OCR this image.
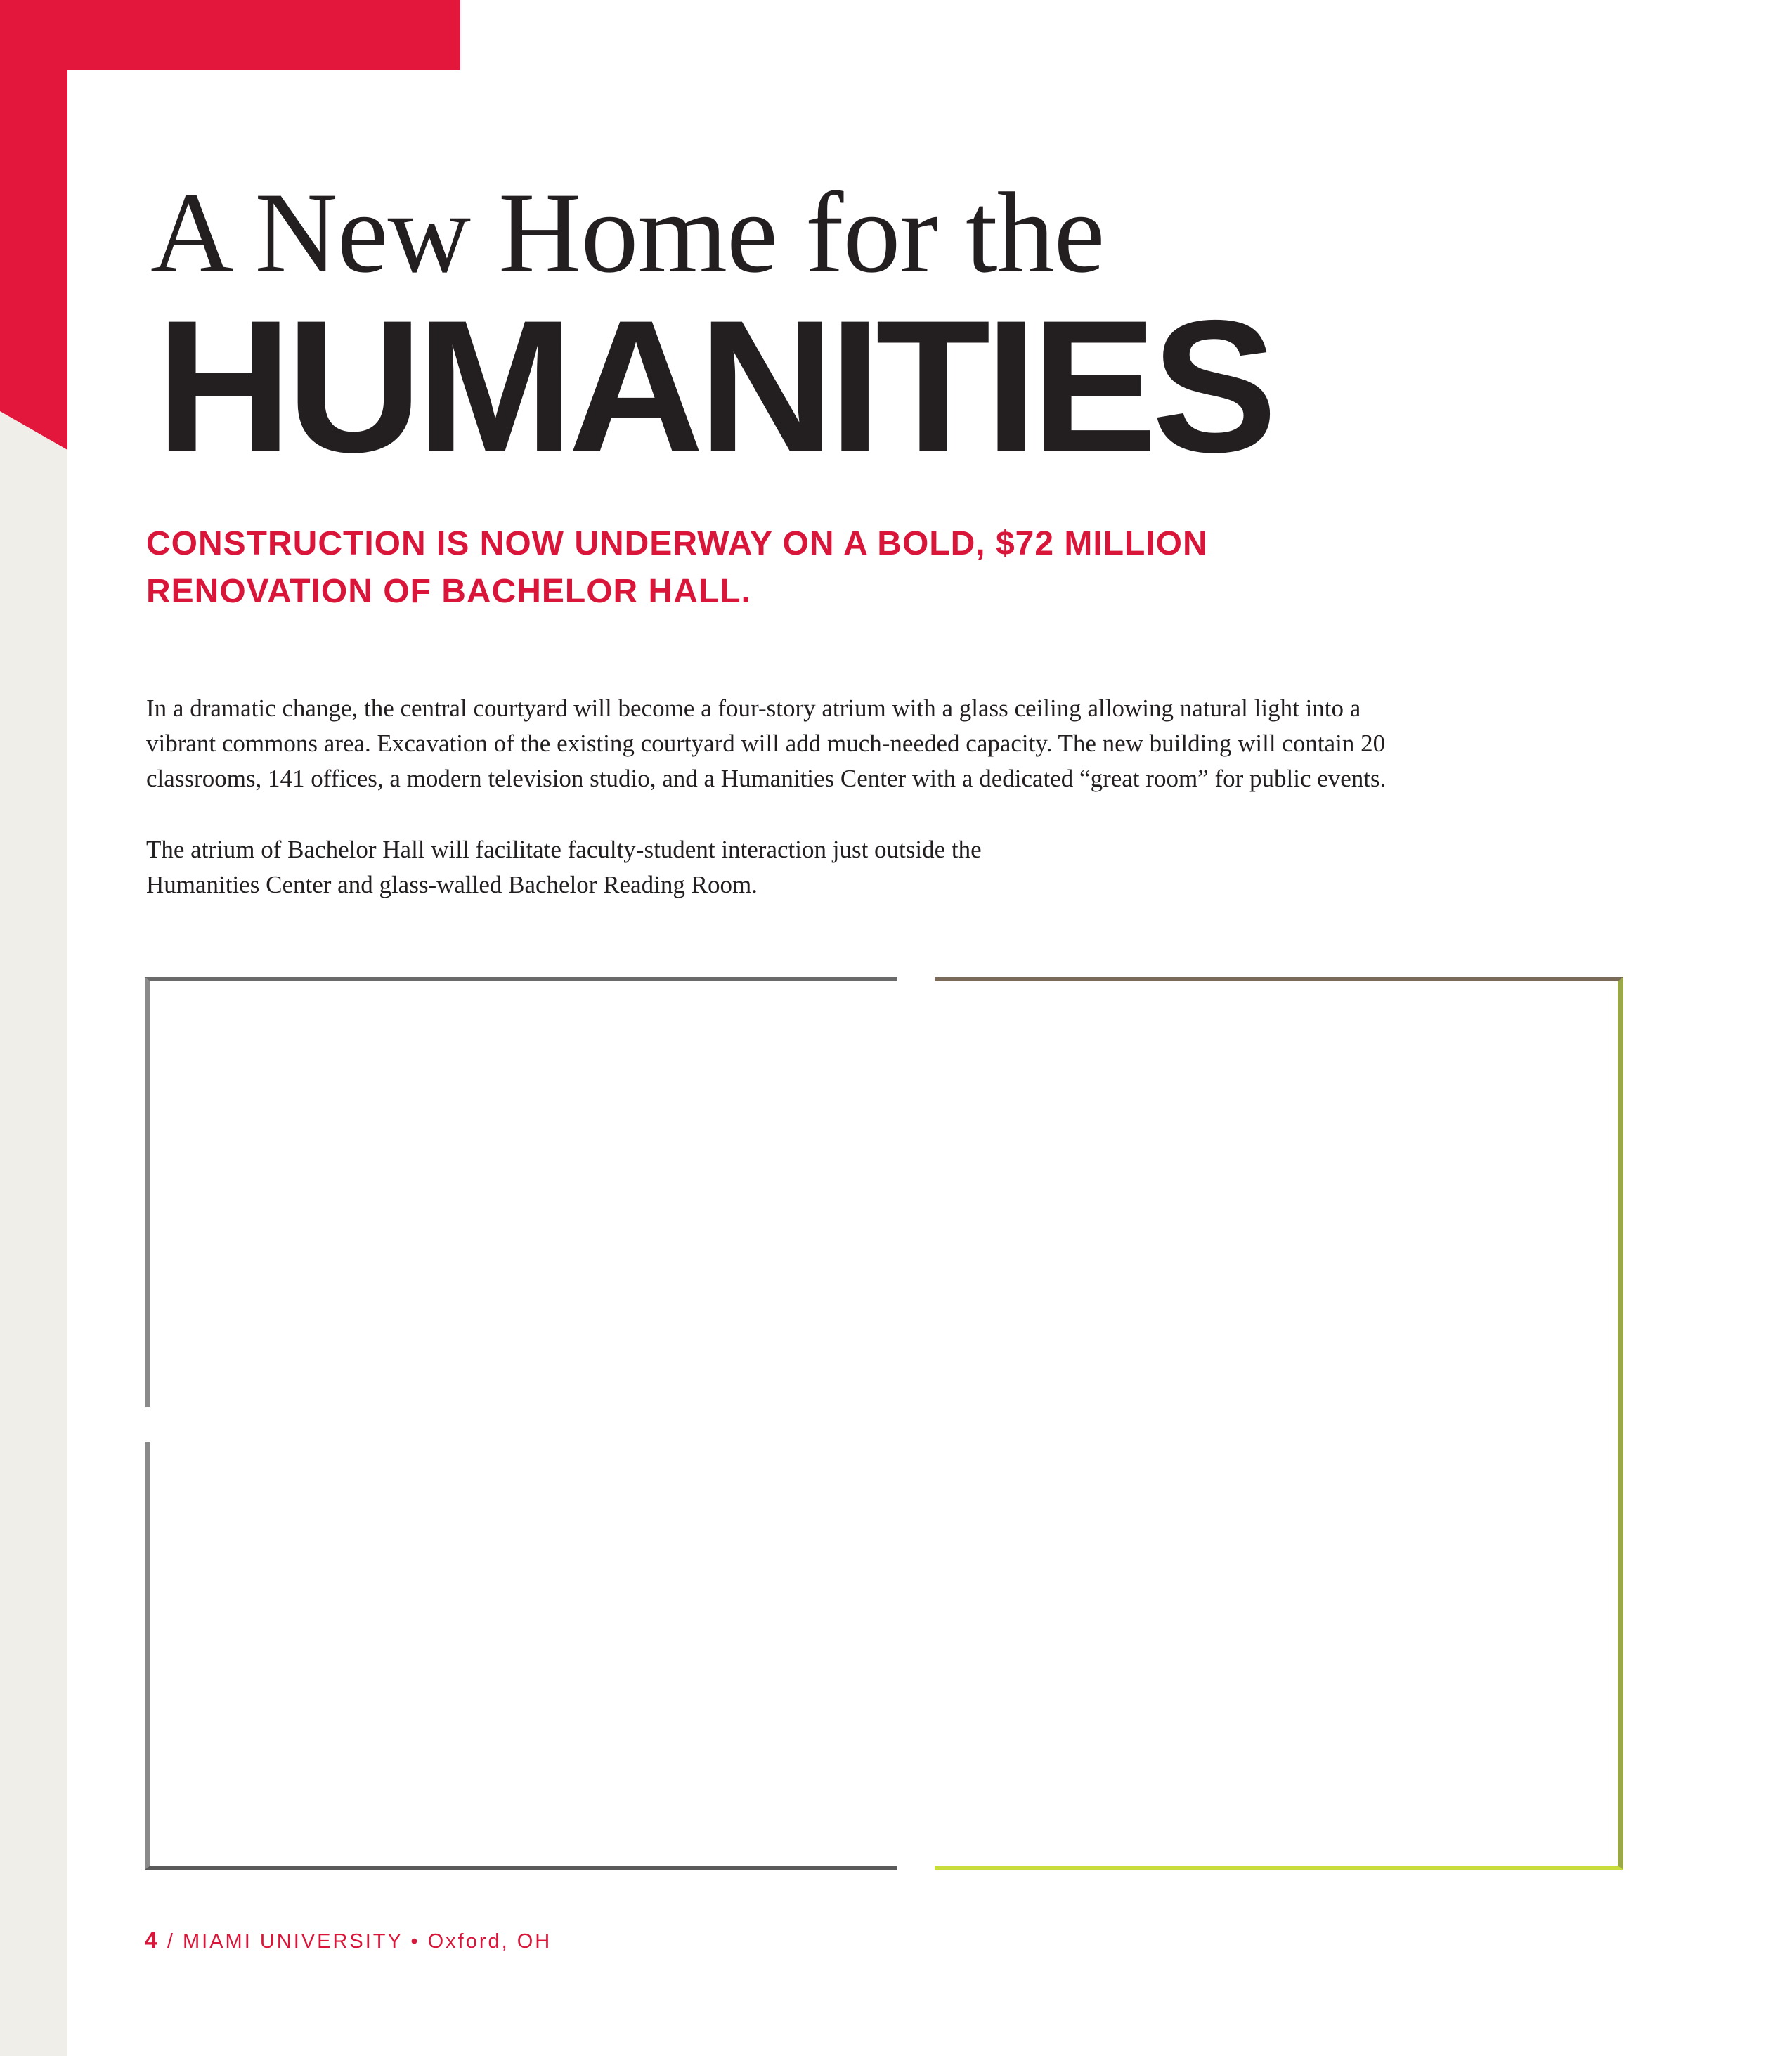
A New Home for the
HUMANITIES

CONSTRUCTION IS NOW UNDERWAY ON A BOLD, $72 MILLION
RENOVATION OF BACHELOR HALL.

In a dramatic change, the central courtyard will become a four-story atrium with a glass ceiling allowing natural light into a
vibrant commons area. Excavation of the existing courtyard will add much-needed capacity. The new building will contain 20
classrooms, 141 offices, a modern television studio, and a Humanities Center with a dedicated “great room” for public events.

The atrium of Bachelor Hall will facilitate faculty-student interaction just outside the
Humanities Center and glass-walled Bachelor Reading Room.

4 / MIAMI UNIVERSITY • Oxford, OH
